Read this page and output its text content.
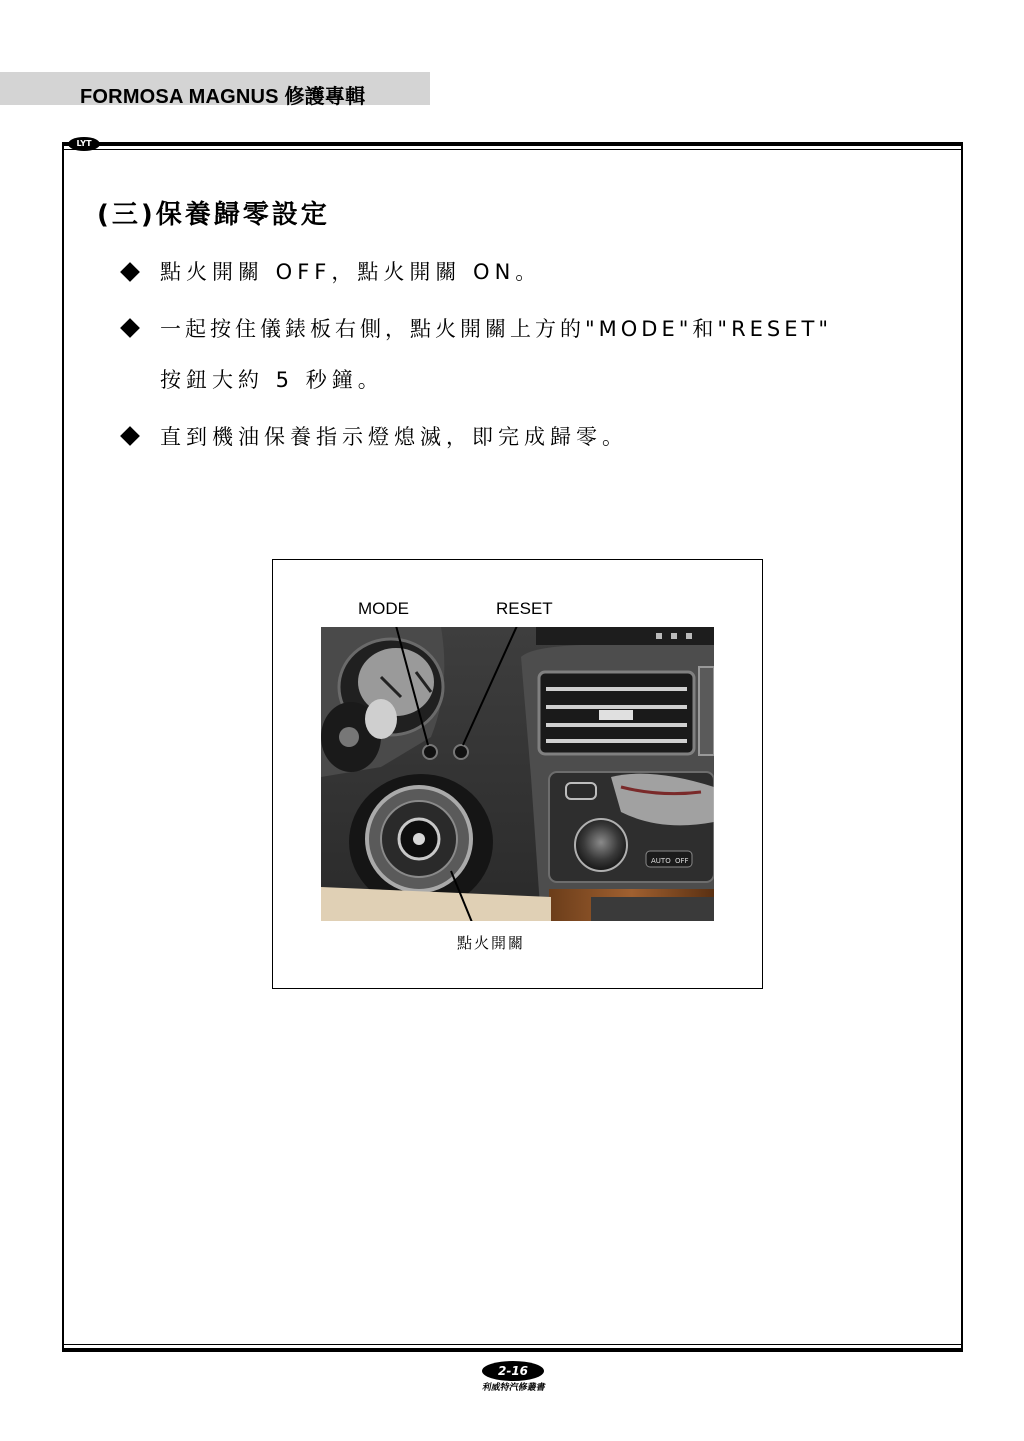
FORMOSA MAGNUS 修護專輯
LYT
(三)保養歸零設定
點火開關 OFF，點火開關 ON。
一起按住儀錶板右側，點火開關上方的"MODE"和"RESET"
按鈕大約 5 秒鐘。
直到機油保養指示燈熄滅，即完成歸零。
MODE	RESET
AUTO OFF
點火開關
2-16
利威特汽修叢書
